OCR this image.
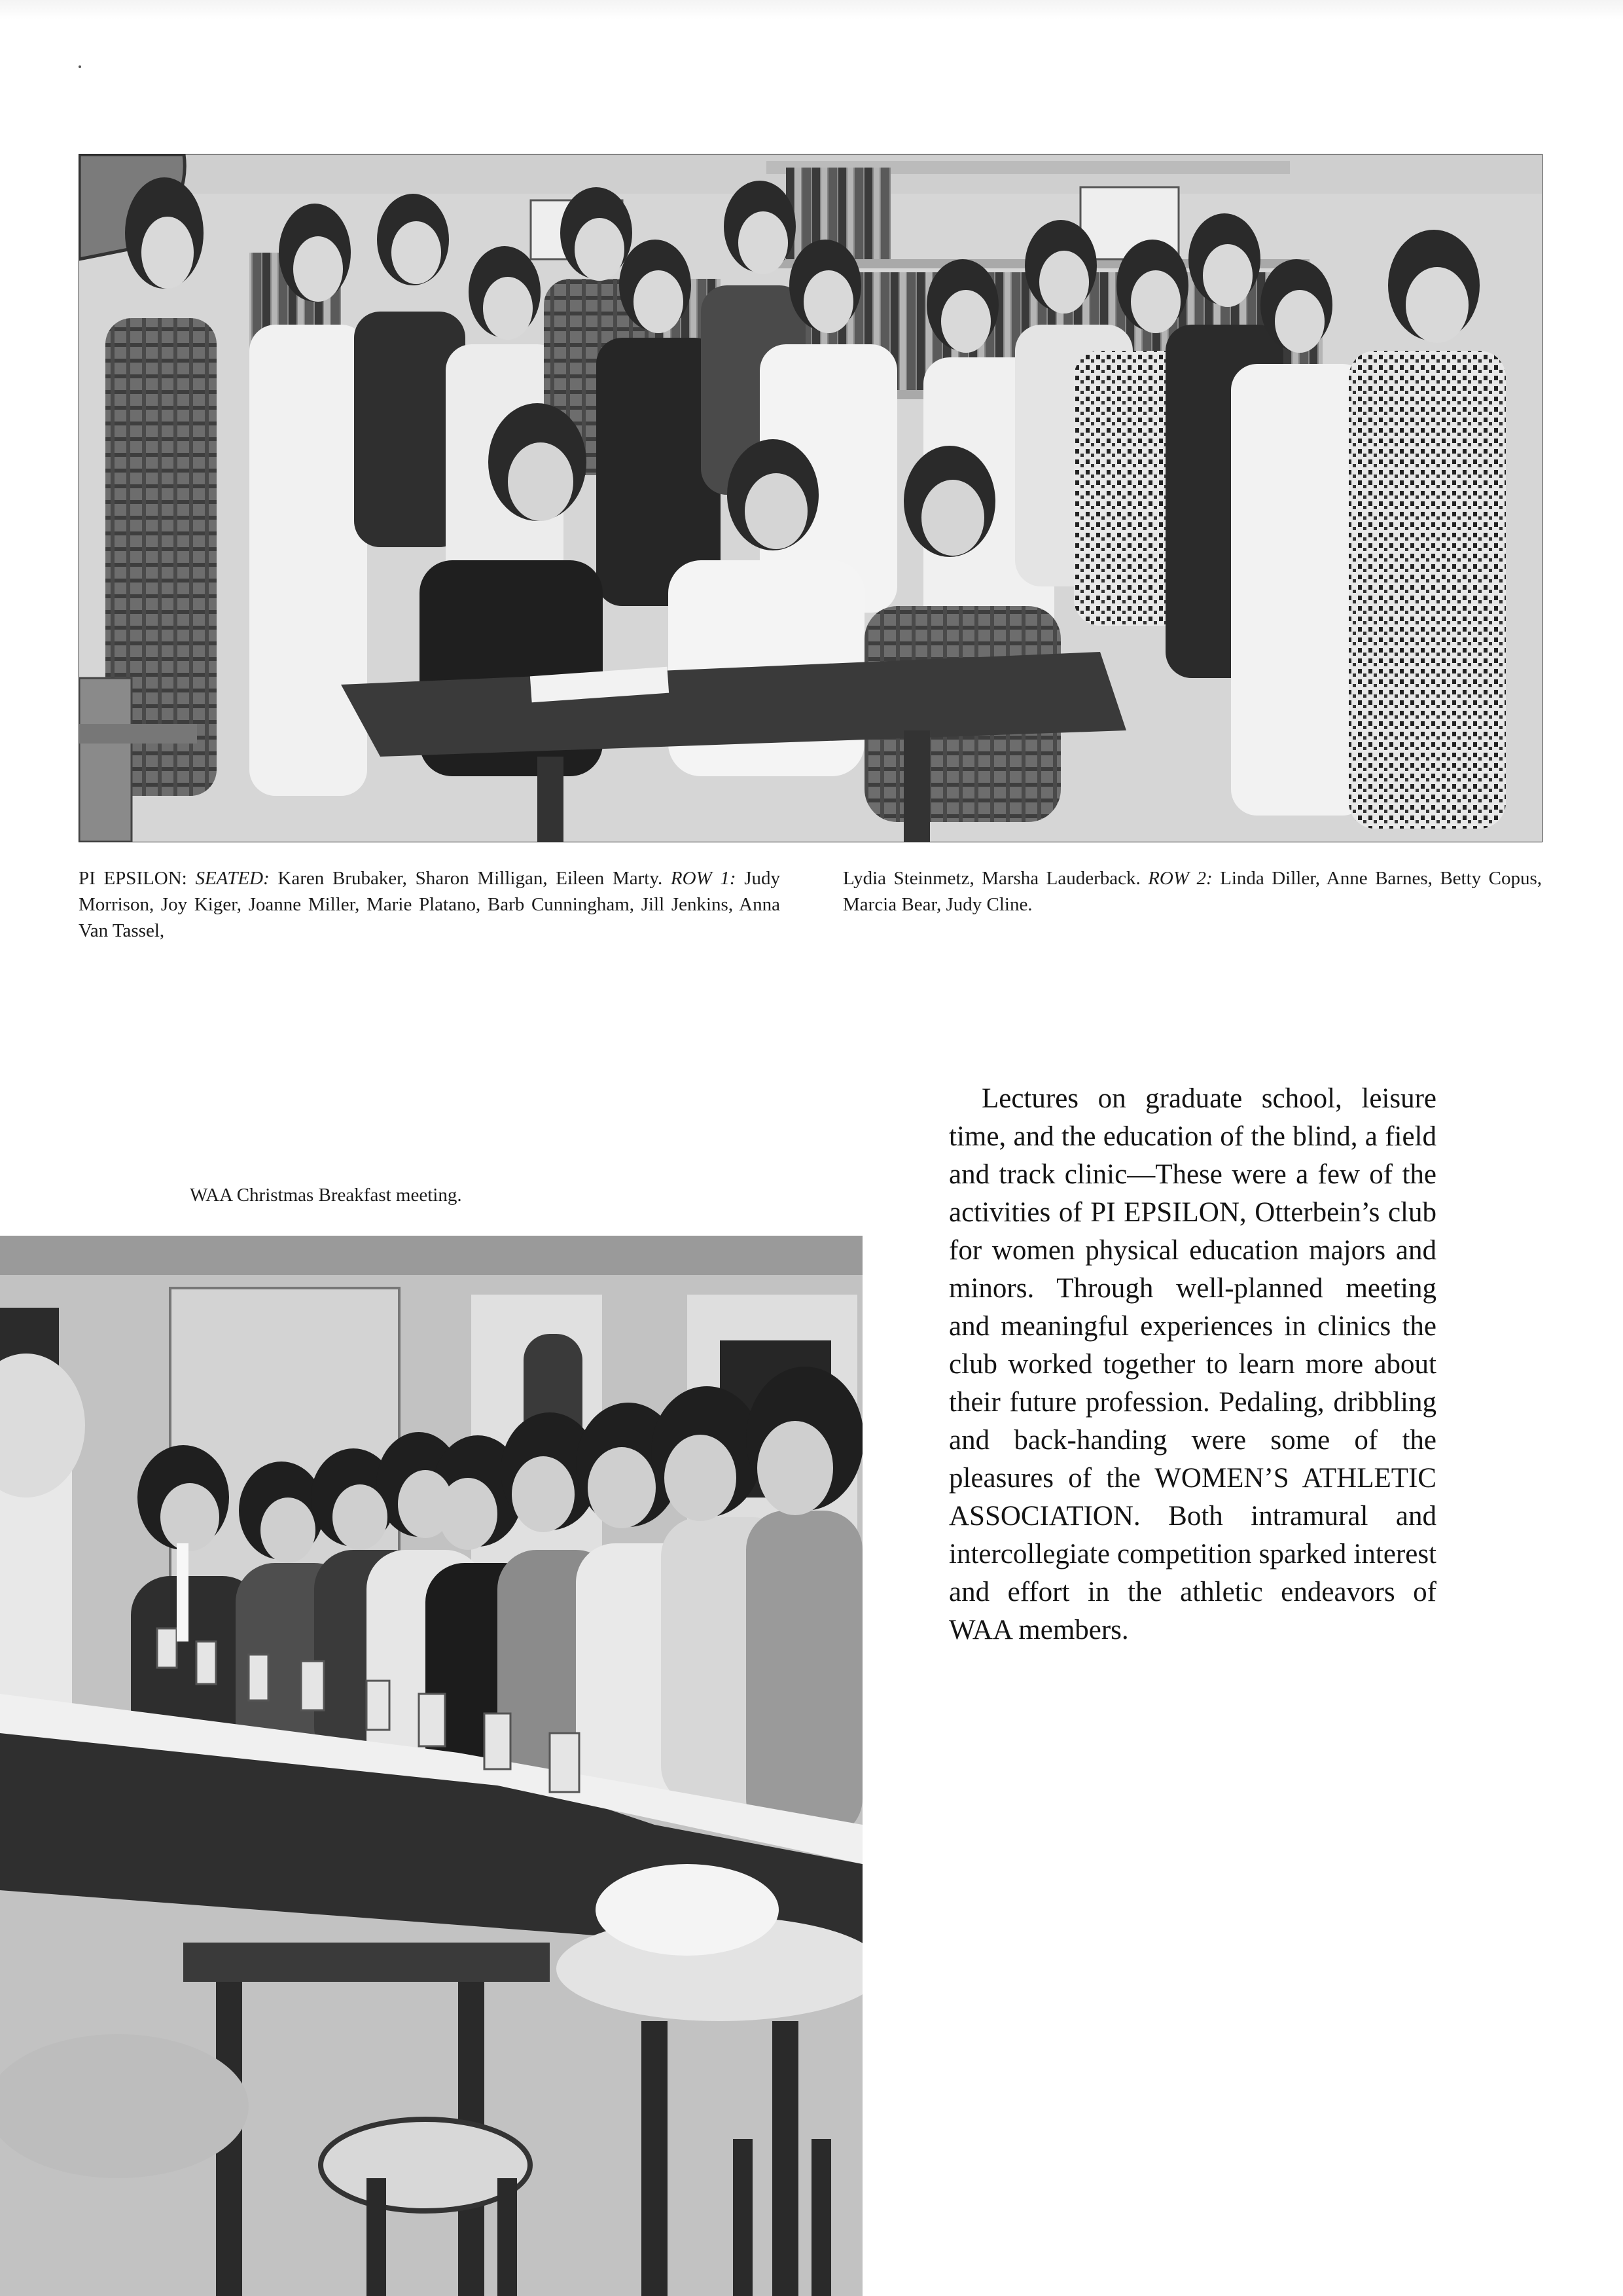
PI EPSILON: SEATED: Karen Brubaker, Sharon Milligan, Eileen Marty. ROW 1: Judy Morrison, Joy Kiger, Joanne Miller, Marie Platano, Barb Cunningham, Jill Jenkins, Anna Van Tassel,
Lydia Steinmetz, Marsha Lauderback. ROW 2: Linda Diller, Anne Barnes, Betty Copus, Marcia Bear, Judy Cline.
WAA Christmas Breakfast meeting.

Lectures on graduate school, leisure time, and the education of the blind, a field and track clinic—These were a few of the activities of PI EPSILON, Otterbein’s club for women physical education majors and minors. Through well-planned meeting and meaningful experiences in clinics the club worked together to learn more about their future profession. Pedaling, dribbling and back-handing were some of the pleasures of the WOMEN’S ATHLETIC ASSOCIATION. Both intramural and intercollegiate competition sparked interest and effort in the athletic endeavors of WAA members.
